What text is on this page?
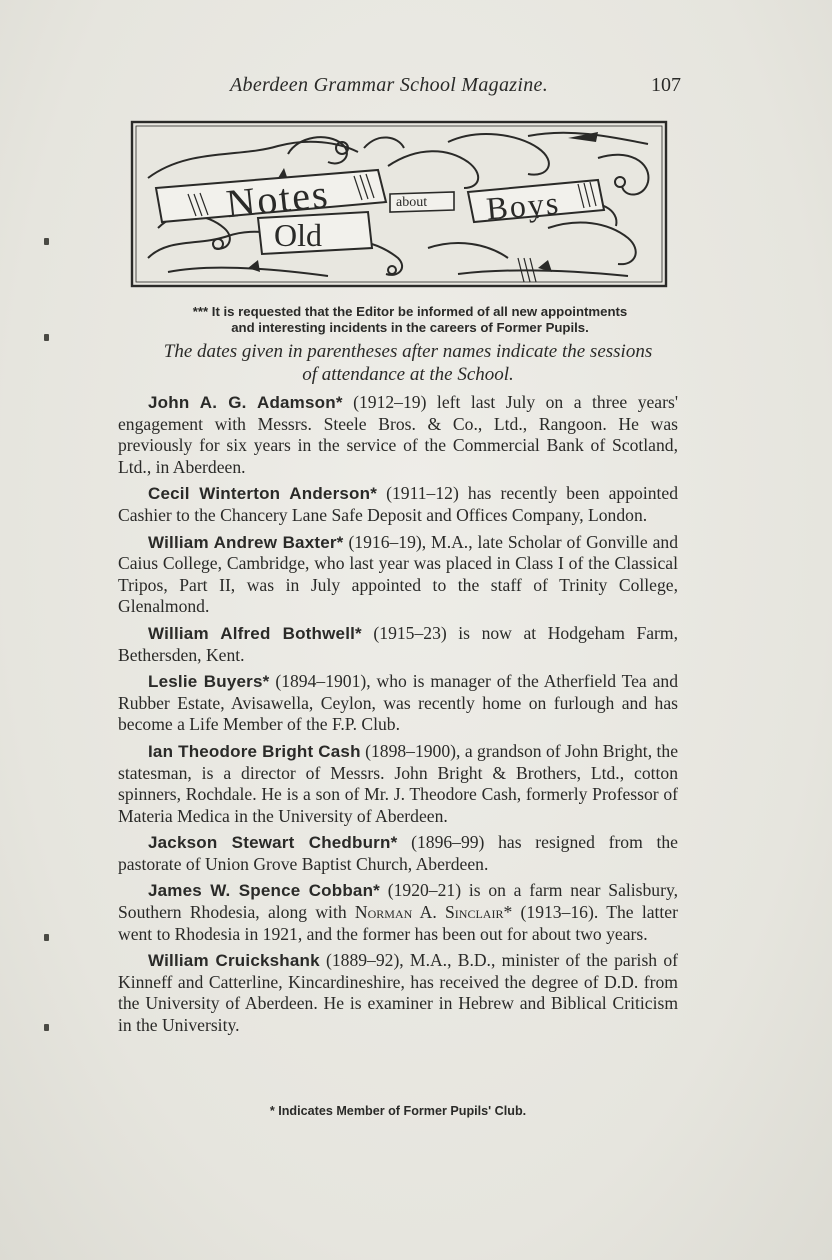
Aberdeen Grammar School Magazine.	107
Notes	about
Old
Boys
*** It is requested that the Editor be informed of all new appointments
and interesting incidents in the careers of Former Pupils.
The dates given in parentheses after names indicate the sessions
of attendance at the School.

John A. G. Adamson* (1912–19) left last July on a three years' engagement with Messrs. Steele Bros. & Co., Ltd., Rangoon. He was previously for six years in the service of the Commercial Bank of Scotland, Ltd., in Aberdeen.

Cecil Winterton Anderson* (1911–12) has recently been appointed Cashier to the Chancery Lane Safe Deposit and Offices Company, London.

William Andrew Baxter* (1916–19), M.A., late Scholar of Gonville and Caius College, Cambridge, who last year was placed in Class I of the Classical Tripos, Part II, was in July appointed to the staff of Trinity College, Glenalmond.

William Alfred Bothwell* (1915–23) is now at Hodgeham Farm, Bethersden, Kent.

Leslie Buyers* (1894–1901), who is manager of the Atherfield Tea and Rubber Estate, Avisawella, Ceylon, was recently home on furlough and has become a Life Member of the F.P. Club.

Ian Theodore Bright Cash (1898–1900), a grandson of John Bright, the statesman, is a director of Messrs. John Bright & Brothers, Ltd., cotton spinners, Rochdale. He is a son of Mr. J. Theodore Cash, formerly Professor of Materia Medica in the University of Aberdeen.

Jackson Stewart Chedburn* (1896–99) has resigned from the pastorate of Union Grove Baptist Church, Aberdeen.

James W. Spence Cobban* (1920–21) is on a farm near Salisbury, Southern Rhodesia, along with Norman A. Sinclair* (1913–16). The latter went to Rhodesia in 1921, and the former has been out for about two years.

William Cruickshank (1889–92), M.A., B.D., minister of the parish of Kinneff and Catterline, Kincardineshire, has received the degree of D.D. from the University of Aberdeen. He is examiner in Hebrew and Biblical Criticism in the University.

* Indicates Member of Former Pupils' Club.
